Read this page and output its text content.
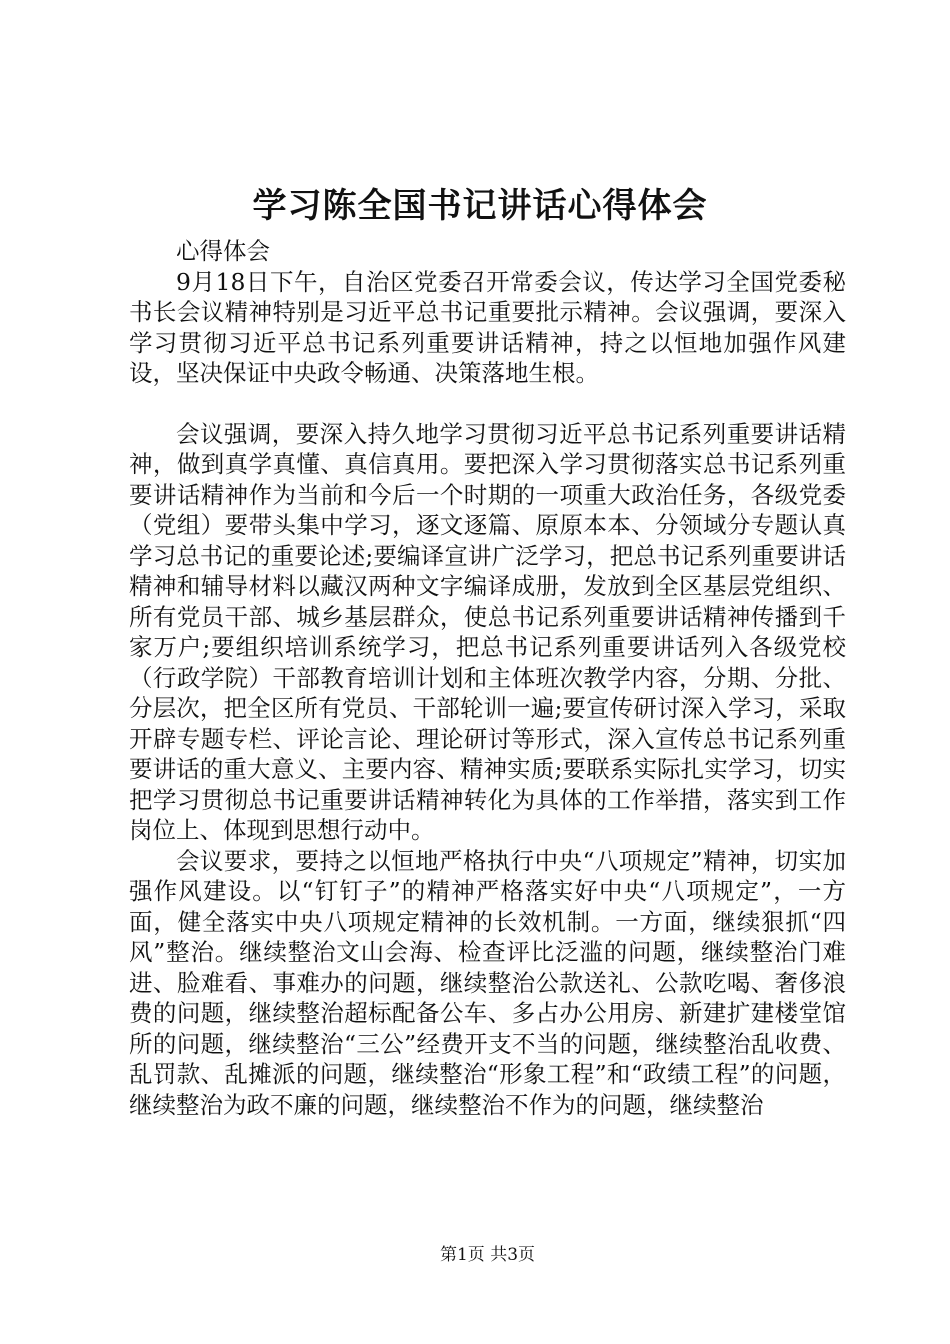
学习陈全国书记讲话心得体会

心得体会

9月18日下午，自治区党委召开常委会议，传达学习全国党委秘书长会议精神特别是习近平总书记重要批示精神。会议强调，要深入学习贯彻习近平总书记系列重要讲话精神，持之以恒地加强作风建设，坚决保证中央政令畅通、决策落地生根。

会议强调，要深入持久地学习贯彻习近平总书记系列重要讲话精神，做到真学真懂、真信真用。要把深入学习贯彻落实总书记系列重要讲话精神作为当前和今后一个时期的一项重大政治任务，各级党委（党组）要带头集中学习，逐文逐篇、原原本本、分领域分专题认真学习总书记的重要论述;要编译宣讲广泛学习，把总书记系列重要讲话精神和辅导材料以藏汉两种文字编译成册，发放到全区基层党组织、所有党员干部、城乡基层群众，使总书记系列重要讲话精神传播到千家万户;要组织培训系统学习，把总书记系列重要讲话列入各级党校（行政学院）干部教育培训计划和主体班次教学内容，分期、分批、分层次，把全区所有党员、干部轮训一遍;要宣传研讨深入学习，采取开辟专题专栏、评论言论、理论研讨等形式，深入宣传总书记系列重要讲话的重大意义、主要内容、精神实质;要联系实际扎实学习，切实把学习贯彻总书记重要讲话精神转化为具体的工作举措，落实到工作岗位上、体现到思想行动中。

会议要求，要持之以恒地严格执行中央“八项规定”精神，切实加强作风建设。以“钉钉子”的精神严格落实好中央“八项规定”，一方面，健全落实中央八项规定精神的长效机制。一方面，继续狠抓“四风”整治。继续整治文山会海、检查评比泛滥的问题，继续整治门难进、脸难看、事难办的问题，继续整治公款送礼、公款吃喝、奢侈浪费的问题，继续整治超标配备公车、多占办公用房、新建扩建楼堂馆所的问题，继续整治“三公”经费开支不当的问题，继续整治乱收费、乱罚款、乱摊派的问题，继续整治“形象工程”和“政绩工程”的问题，继续整治为政不廉的问题，继续整治不作为的问题，继续整治

第1页 共3页
